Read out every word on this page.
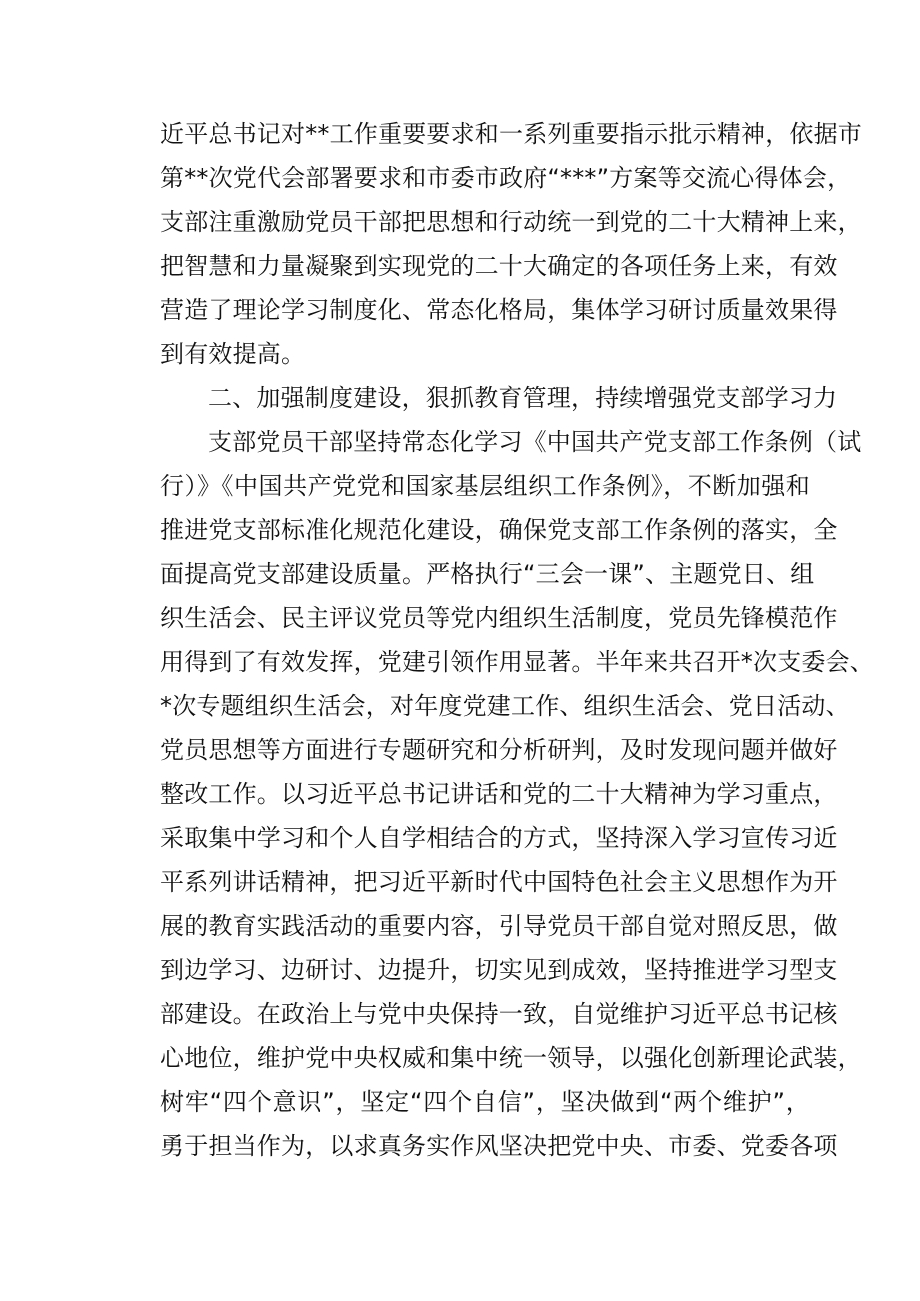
近平总书记对**工作重要要求和一系列重要指示批示精神，依据市
第**次党代会部署要求和市委市政府“***”方案等交流心得体会，
支部注重激励党员干部把思想和行动统一到党的二十大精神上来，
把智慧和力量凝聚到实现党的二十大确定的各项任务上来，有效
营造了理论学习制度化、常态化格局，集体学习研讨质量效果得
到有效提高。
二、加强制度建设，狠抓教育管理，持续增强党支部学习力
支部党员干部坚持常态化学习《中国共产党支部工作条例（试
行）》《中国共产党党和国家基层组织工作条例》，不断加强和
推进党支部标准化规范化建设，确保党支部工作条例的落实，全
面提高党支部建设质量。严格执行“三会一课”、主题党日、组
织生活会、民主评议党员等党内组织生活制度，党员先锋模范作
用得到了有效发挥，党建引领作用显著。半年来共召开*次支委会、
*次专题组织生活会，对年度党建工作、组织生活会、党日活动、
党员思想等方面进行专题研究和分析研判，及时发现问题并做好
整改工作。以习近平总书记讲话和党的二十大精神为学习重点，
采取集中学习和个人自学相结合的方式，坚持深入学习宣传习近
平系列讲话精神，把习近平新时代中国特色社会主义思想作为开
展的教育实践活动的重要内容，引导党员干部自觉对照反思，做
到边学习、边研讨、边提升，切实见到成效，坚持推进学习型支
部建设。在政治上与党中央保持一致，自觉维护习近平总书记核
心地位，维护党中央权威和集中统一领导，以强化创新理论武装，
树牢“四个意识”，坚定“四个自信”，坚决做到“两个维护”，
勇于担当作为，以求真务实作风坚决把党中央、市委、党委各项
